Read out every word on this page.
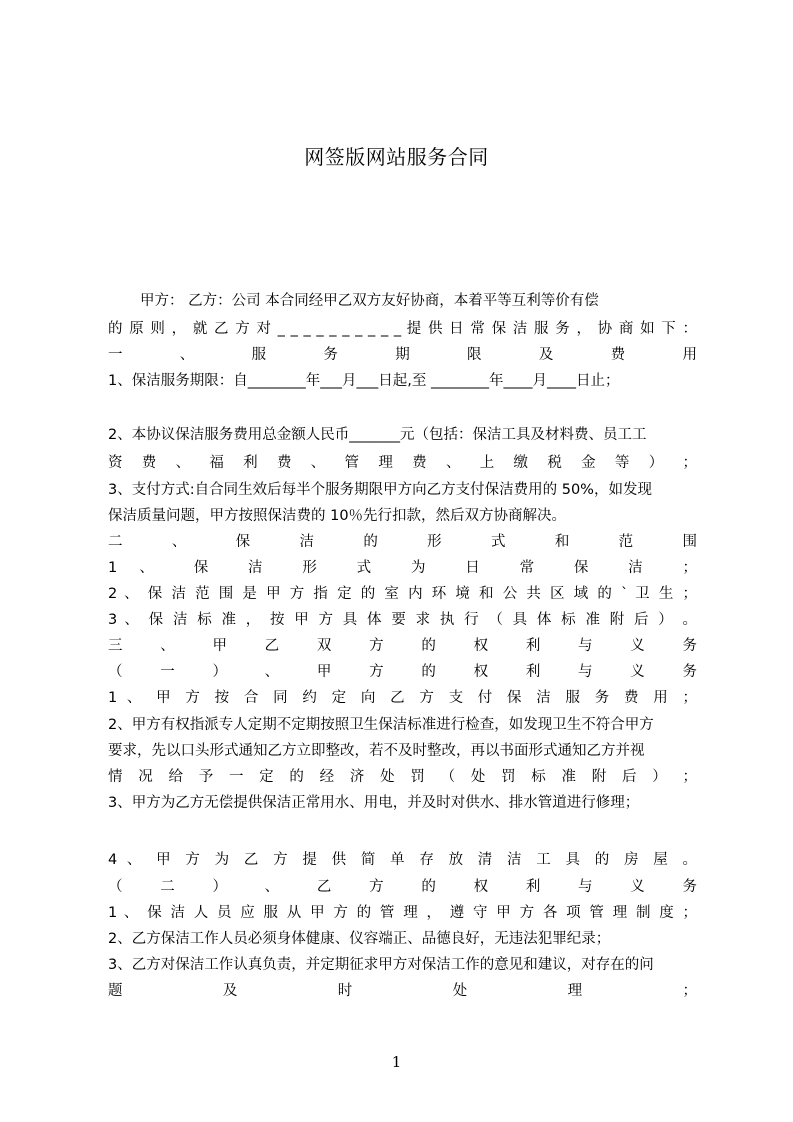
网签版网站服务合同
甲方： 乙方：公司 本合同经甲乙双方友好协商，本着平等互利等价有偿
的 原 则 ， 就 乙 方 对 _ _ _ _ _ _ _ _ _ _ 提 供 日 常 保 洁 服 务 ， 协 商 如 下 ：
一 、 服 务 期 限 及 费 用
1、保洁服务期限：自________年___月___日起,至 ________年____月____日止；
2、本协议保洁服务费用总金额人民币_______元（包括：保洁工具及材料费、员工工
资 费 、 福 利 费 、 管 理 费 、 上 缴 税 金 等 ） ；
3、支付方式:自合同生效后每半个服务期限甲方向乙方支付保洁费用的 50%，如发现
保洁质量问题，甲方按照保洁费的 10％先行扣款，然后双方协商解决。
二 、 保 洁 的 形 式 和 范 围
1 、 保 洁 形 式 为 日 常 保 洁 ；
2 、 保 洁 范 围 是 甲 方 指 定 的 室 内 环 境 和 公 共 区 域 的 ` 卫 生 ；
3 、 保 洁 标 准 ， 按 甲 方 具 体 要 求 执 行 （ 具 体 标 准 附 后 ） 。
三 、 甲 乙 双 方 的 权 利 与 义 务
（ 一 ） 、 甲 方 的 权 利 与 义 务
1 、 甲 方 按 合 同 约 定 向 乙 方 支 付 保 洁 服 务 费 用 ；
2、甲方有权指派专人定期不定期按照卫生保洁标准进行检查，如发现卫生不符合甲方
要求，先以口头形式通知乙方立即整改，若不及时整改，再以书面形式通知乙方并视
情 况 给 予 一 定 的 经 济 处 罚 （ 处 罚 标 准 附 后 ） ；
3、甲方为乙方无偿提供保洁正常用水、用电，并及时对供水、排水管道进行修理；
4 、 甲 方 为 乙 方 提 供 简 单 存 放 清 洁 工 具 的 房 屋 。
（ 二 ） 、 乙 方 的 权 利 与 义 务
1 、 保 洁 人 员 应 服 从 甲 方 的 管 理 ， 遵 守 甲 方 各 项 管 理 制 度 ；
2、乙方保洁工作人员必须身体健康、仪容端正、品德良好，无违法犯罪纪录；
3、乙方对保洁工作认真负责，并定期征求甲方对保洁工作的意见和建议，对存在的问
题 及 时 处 理 ；
1
